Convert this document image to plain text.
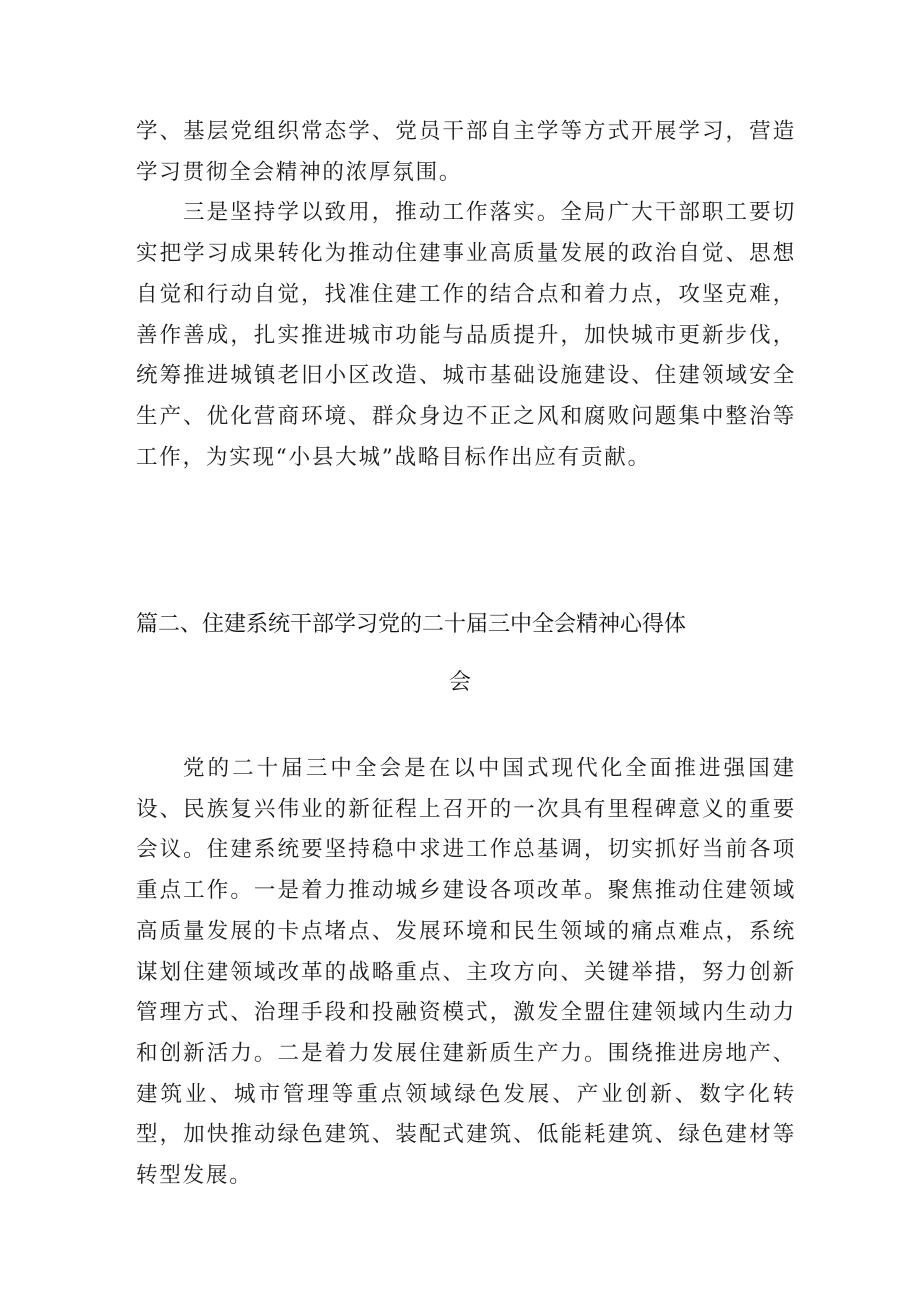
学、基层党组织常态学、党员干部自主学等方式开展学习，营造学习贯彻全会精神的浓厚氛围。

三是坚持学以致用，推动工作落实。全局广大干部职工要切实把学习成果转化为推动住建事业高质量发展的政治自觉、思想自觉和行动自觉，找准住建工作的结合点和着力点，攻坚克难，善作善成，扎实推进城市功能与品质提升，加快城市更新步伐，统筹推进城镇老旧小区改造、城市基础设施建设、住建领域安全生产、优化营商环境、群众身边不正之风和腐败问题集中整治等工作，为实现“小县大城”战略目标作出应有贡献。

篇二、住建系统干部学习党的二十届三中全会精神心得体
会

党的二十届三中全会是在以中国式现代化全面推进强国建设、民族复兴伟业的新征程上召开的一次具有里程碑意义的重要会议。住建系统要坚持稳中求进工作总基调，切实抓好当前各项重点工作。一是着力推动城乡建设各项改革。聚焦推动住建领域高质量发展的卡点堵点、发展环境和民生领域的痛点难点，系统谋划住建领域改革的战略重点、主攻方向、关键举措，努力创新管理方式、治理手段和投融资模式，激发全盟住建领域内生动力和创新活力。二是着力发展住建新质生产力。围绕推进房地产、建筑业、城市管理等重点领域绿色发展、产业创新、数字化转型，加快推动绿色建筑、装配式建筑、低能耗建筑、绿色建材等转型发展。
